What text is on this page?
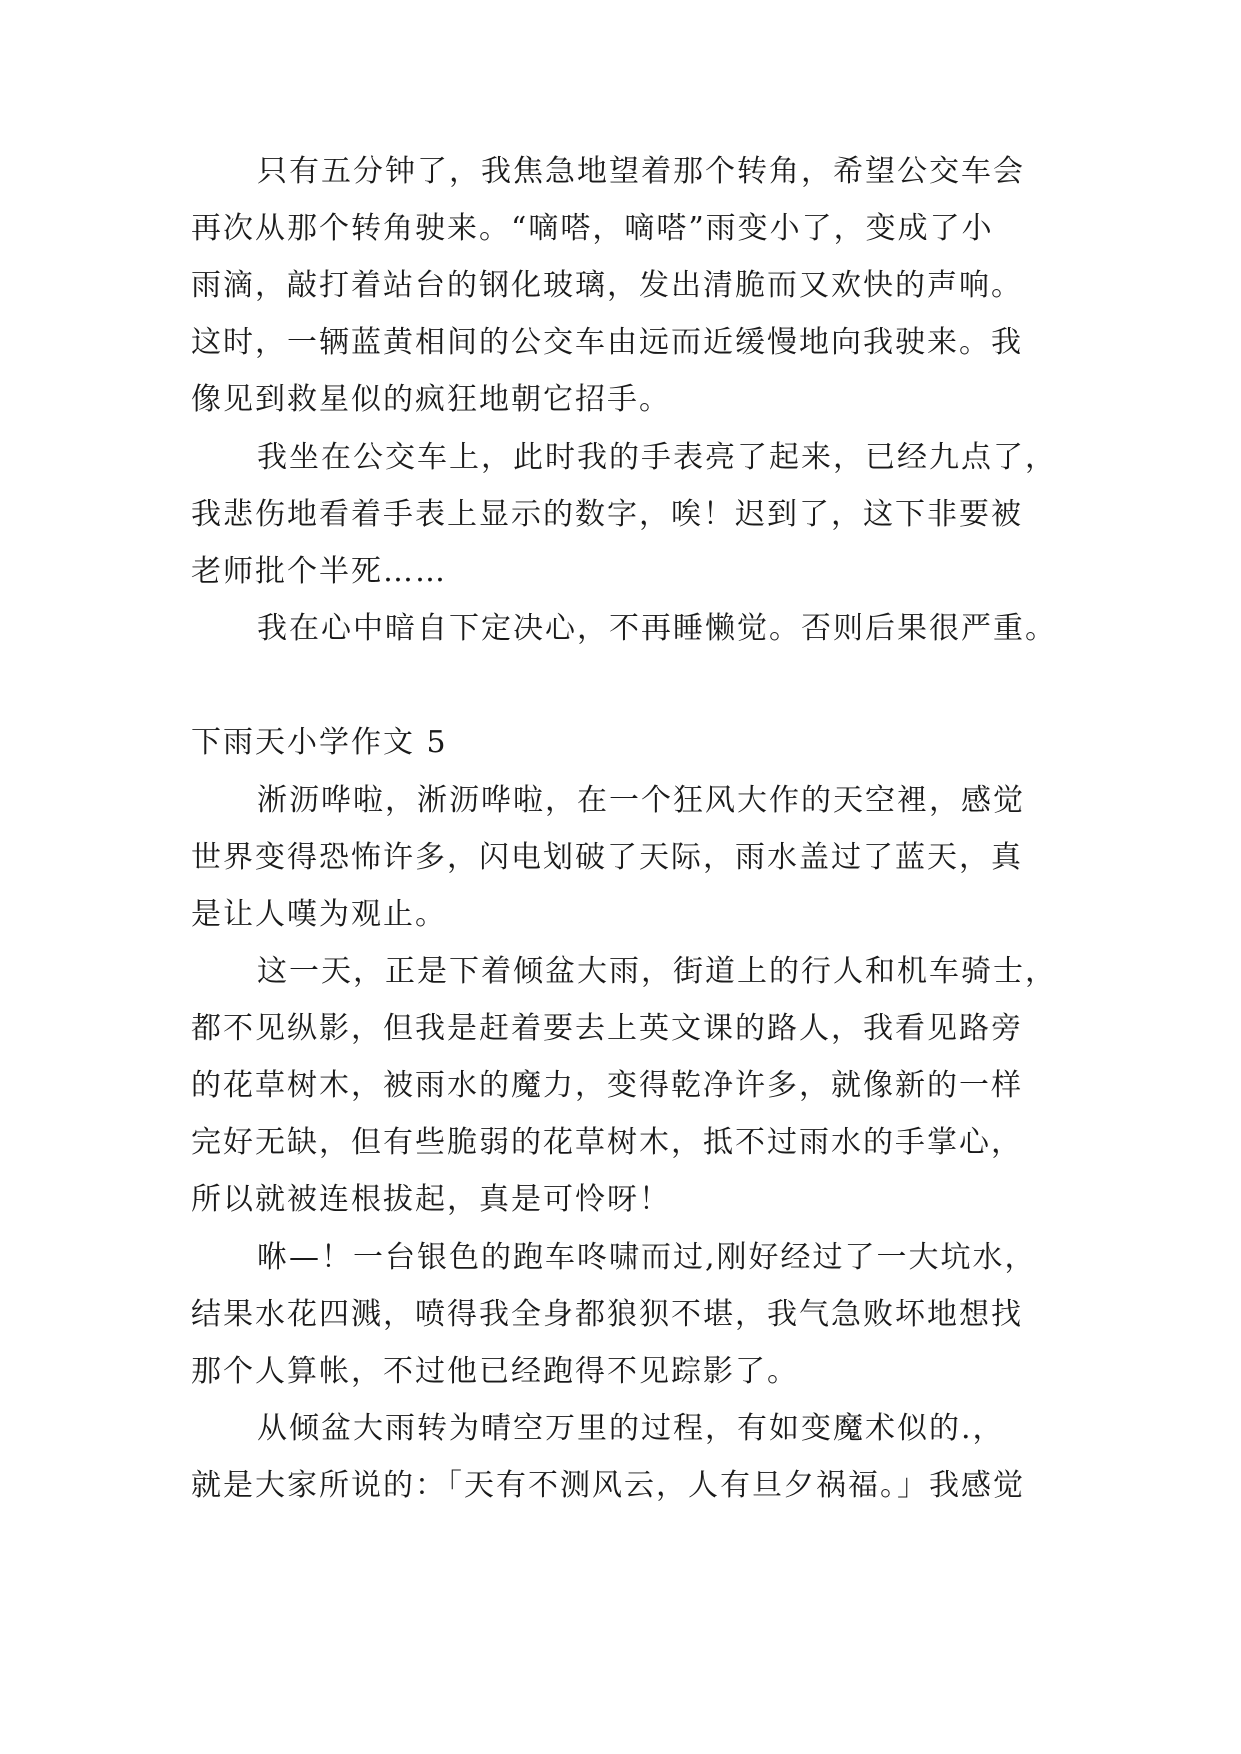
只有五分钟了，我焦急地望着那个转角，希望公交车会
再次从那个转角驶来。“嘀嗒，嘀嗒”雨变小了，变成了小
雨滴，敲打着站台的钢化玻璃，发出清脆而又欢快的声响。
这时，一辆蓝黄相间的公交车由远而近缓慢地向我驶来。我
像见到救星似的疯狂地朝它招手。
我坐在公交车上，此时我的手表亮了起来，已经九点了，
我悲伤地看着手表上显示的数字，唉！迟到了，这下非要被
老师批个半死……
我在心中暗自下定决心，不再睡懒觉。否则后果很严重。
下雨天小学作文 5
淅沥哗啦，淅沥哗啦，在一个狂风大作的天空裡，感觉
世界变得恐怖许多，闪电划破了天际，雨水盖过了蓝天，真
是让人嘆为观止。
这一天，正是下着倾盆大雨，街道上的行人和机车骑士，
都不见纵影，但我是赶着要去上英文课的路人，我看见路旁
的花草树木，被雨水的魔力，变得乾净许多，就像新的一样
完好无缺，但有些脆弱的花草树木，抵不过雨水的手掌心，
所以就被连根拔起，真是可怜呀！
咻—！一台银色的跑车咚啸而过,刚好经过了一大坑水，
结果水花四溅，喷得我全身都狼狈不堪，我气急败坏地想找
那个人算帐，不过他已经跑得不见踪影了。
从倾盆大雨转为晴空万里的过程，有如变魔术似的.，
就是大家所说的：「天有不测风云，人有旦夕祸福。」我感觉
